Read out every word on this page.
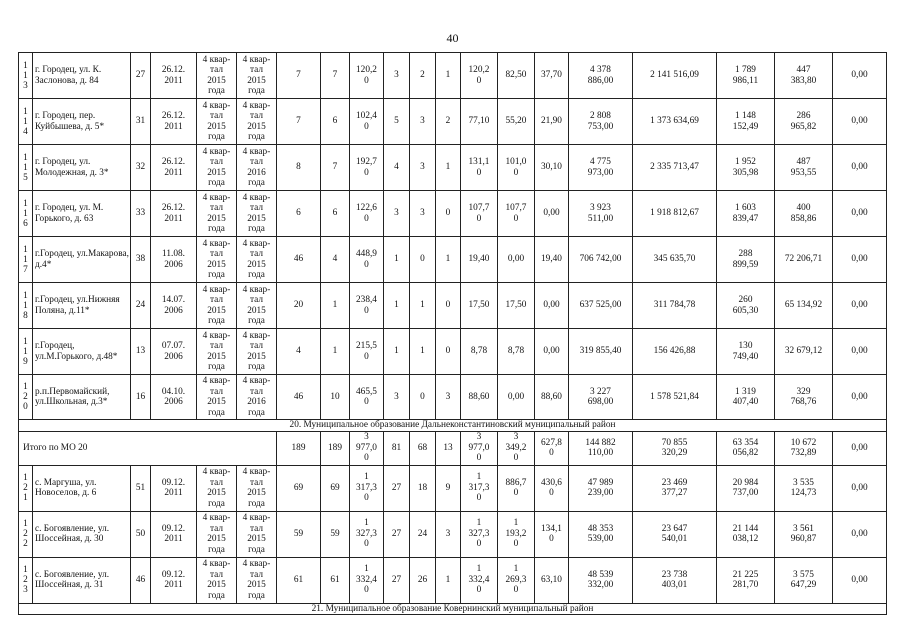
40
1
1
3	г. Городец, ул. К. Заслонова, д. 84	27	26.12.
2011	4 квар-
тал
2015
года	4 квар-
тал
2015
года	7	7	120,2
0	3	2	1	120,2
0	82,50	37,70	4 378
886,00	2 141 516,09	1 789
986,11	447
383,80	0,00
1
1
4	г. Городец, пер. Куйбышева, д. 5*	31	26.12.
2011	4 квар-
тал
2015
года	4 квар-
тал
2015
года	7	6	102,4
0	5	3	2	77,10	55,20	21,90	2 808
753,00	1 373 634,69	1 148
152,49	286
965,82	0,00
1
1
5	г. Городец, ул. Молодежная, д. 3*	32	26.12.
2011	4 квар-
тал
2015
года	4 квар-
тал
2016
года	8	7	192,7
0	4	3	1	131,1
0	101,0
0	30,10	4 775
973,00	2 335 713,47	1 952
305,98	487
953,55	0,00
1
1
6	г. Городец, ул. М. Горького, д. 63	33	26.12.
2011	4 квар-
тал
2015
года	4 квар-
тал
2015
года	6	6	122,6
0	3	3	0	107,7
0	107,7
0	0,00	3 923
511,00	1 918 812,67	1 603
839,47	400
858,86	0,00
1
1
7	г.Городец, ул.Макарова, д.4*	38	11.08.
2006	4 квар-
тал
2015
года	4 квар-
тал
2015
года	46	4	448,9
0	1	0	1	19,40	0,00	19,40	706 742,00	345 635,70	288
899,59	72 206,71	0,00
1
1
8	г.Городец, ул.Нижняя Поляна, д.11*	24	14.07.
2006	4 квар-
тал
2015
года	4 квар-
тал
2015
года	20	1	238,4
0	1	1	0	17,50	17,50	0,00	637 525,00	311 784,78	260
605,30	65 134,92	0,00
1
1
9	г.Городец, ул.М.Горького, д.48*	13	07.07.
2006	4 квар-
тал
2015
года	4 квар-
тал
2015
года	4	1	215,5
0	1	1	0	8,78	8,78	0,00	319 855,40	156 426,88	130
749,40	32 679,12	0,00
1
2
0	р.п.Первомайский, ул.Школьная, д.3*	16	04.10.
2006	4 квар-
тал
2015
года	4 квар-
тал
2016
года	46	10	465,5
0	3	0	3	88,60	0,00	88,60	3 227
698,00	1 578 521,84	1 319
407,40	329
768,76	0,00
20. Муниципальное образование Дальнеконстантиновский муниципальный район																			
Итого по МО 20						189	189	3
977,0
0	81	68	13	3
977,0
0	3
349,2
0	627,8
0	144 882
110,00	70 855
320,29	63 354
056,82	10 672
732,89	0,00
1
2
1	с. Маргуша, ул. Новоселов, д. 6	51	09.12.
2011	4 квар-
тал
2015
года	4 квар-
тал
2015
года	69	69	1
317,3
0	27	18	9	1
317,3
0	886,7
0	430,6
0	47 989
239,00	23 469
377,27	20 984
737,00	3 535
124,73	0,00
1
2
2	с. Богоявление, ул. Шоссейная, д. 30	50	09.12.
2011	4 квар-
тал
2015
года	4 квар-
тал
2015
года	59	59	1
327,3
0	27	24	3	1
327,3
0	1
193,2
0	134,1
0	48 353
539,00	23 647
540,01	21 144
038,12	3 561
960,87	0,00
1
2
3	с. Богоявление, ул. Шоссейная, д. 31	46	09.12.
2011	4 квар-
тал
2015
года	4 квар-
тал
2015
года	61	61	1
332,4
0	27	26	1	1
332,4
0	1
269,3
0	63,10	48 539
332,00	23 738
403,01	21 225
281,70	3 575
647,29	0,00
21. Муниципальное образование Ковернинский муниципальный район																			
